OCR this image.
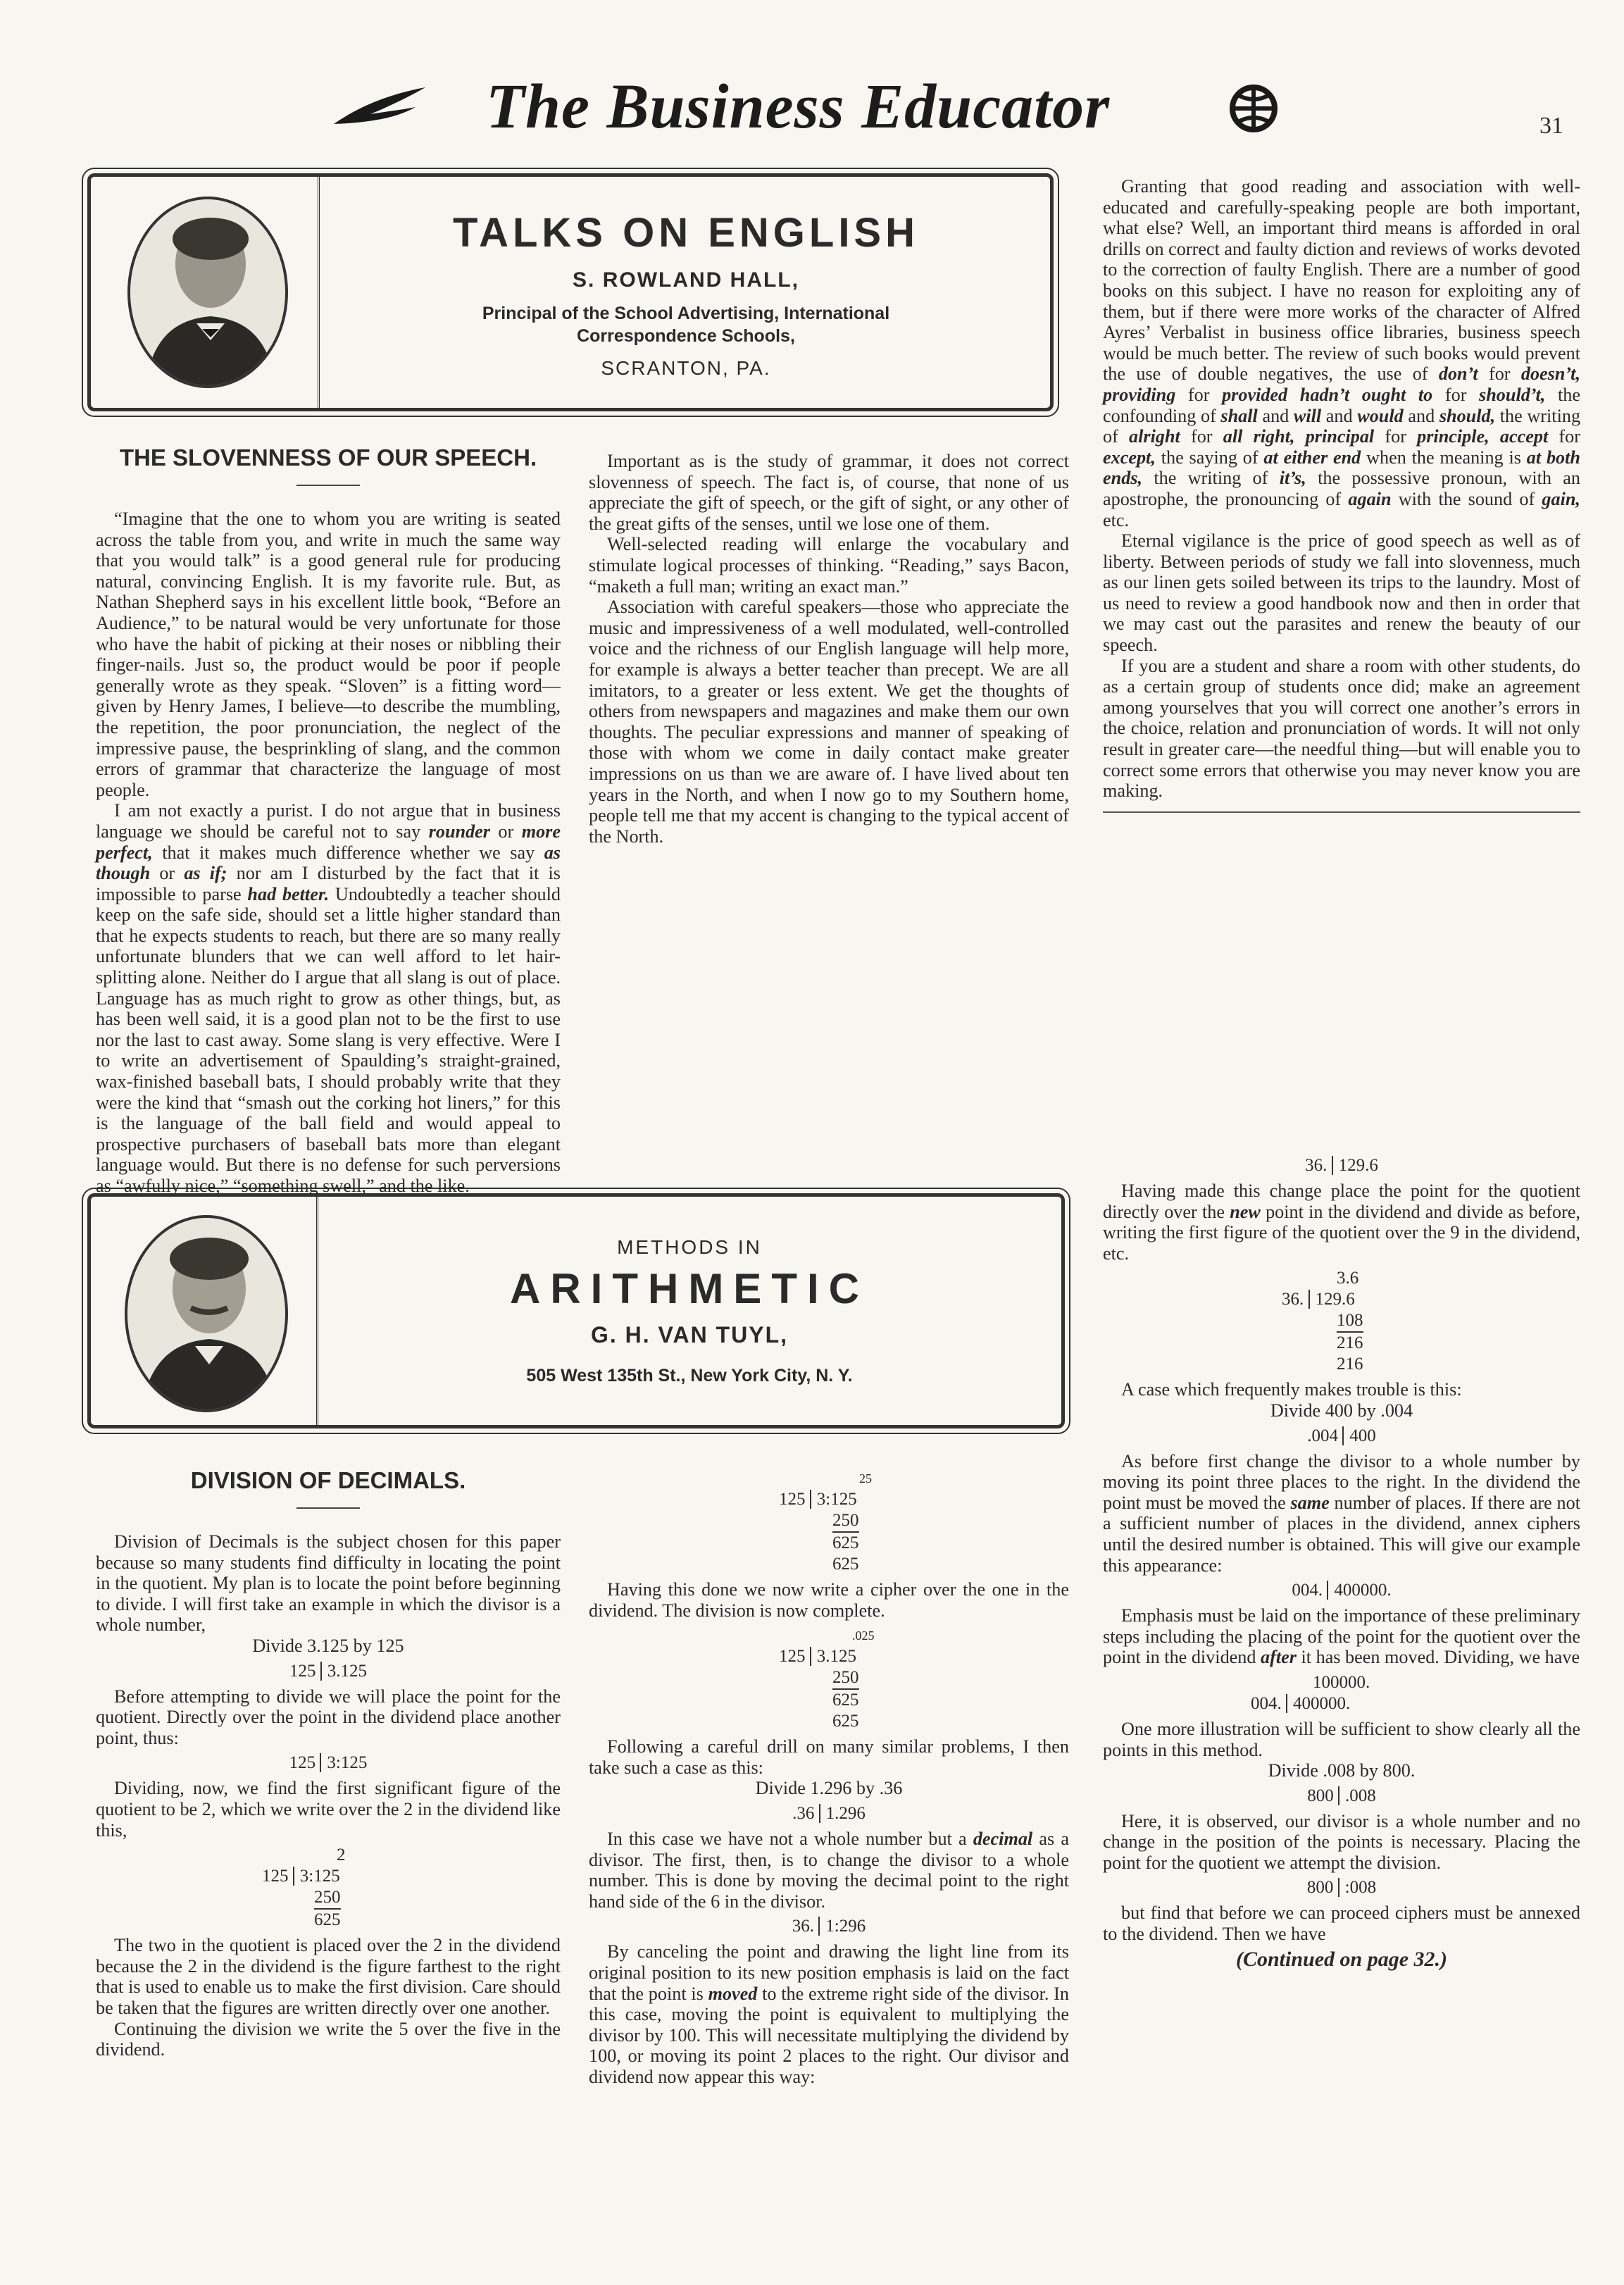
The Business Educator	31
TALKS ON ENGLISH
S. ROWLAND HALL,
Principal of the School Advertising, International
Correspondence Schools,
SCRANTON, PA.
METHODS IN
ARITHMETIC
G. H. VAN TUYL,
505 West 135th St., New York City, N. Y.
THE SLOVENNESS OF OUR SPEECH.

“Imagine that the one to whom you are writing is seated across the table from you, and write in much the same way that you would talk” is a good general rule for producing natural, convincing English. It is my favorite rule. But, as Nathan Shepherd says in his excellent little book, “Before an Audience,” to be natural would be very unfortunate for those who have the habit of picking at their noses or nibbling their finger-nails. Just so, the product would be poor if people generally wrote as they speak. “Sloven” is a fitting word—given by Henry James, I believe—to describe the mumbling, the repetition, the poor pronunciation, the neglect of the impressive pause, the besprinkling of slang, and the common errors of grammar that characterize the language of most people.

I am not exactly a purist. I do not argue that in business language we should be careful not to say rounder or more perfect, that it makes much difference whether we say as though or as if; nor am I disturbed by the fact that it is impossible to parse had better. Undoubtedly a teacher should keep on the safe side, should set a little higher standard than that he expects students to reach, but there are so many really unfortunate blunders that we can well afford to let hair-splitting alone. Neither do I argue that all slang is out of place. Language has as much right to grow as other things, but, as has been well said, it is a good plan not to be the first to use nor the last to cast away. Some slang is very effective. Were I to write an advertisement of Spaulding’s straight-grained, wax-finished baseball bats, I should probably write that they were the kind that “smash out the corking hot liners,” for this is the language of the ball field and would appeal to prospective purchasers of baseball bats more than elegant language would. But there is no defense for such perversions as “awfully nice,” “something swell,” and the like.

Important as is the study of grammar, it does not correct slovenness of speech. The fact is, of course, that none of us appreciate the gift of speech, or the gift of sight, or any other of the great gifts of the senses, until we lose one of them.

Well-selected reading will enlarge the vocabulary and stimulate logical processes of thinking. “Reading,” says Bacon, “maketh a full man; writing an exact man.”

Association with careful speakers—those who appreciate the music and impressiveness of a well modulated, well-controlled voice and the richness of our English language will help more, for example is always a better teacher than precept. We are all imitators, to a greater or less extent. We get the thoughts of others from newspapers and magazines and make them our own thoughts. The peculiar expressions and manner of speaking of those with whom we come in daily contact make greater impressions on us than we are aware of. I have lived about ten years in the North, and when I now go to my Southern home, people tell me that my accent is changing to the typical accent of the North.

Granting that good reading and association with well-educated and carefully-speaking people are both important, what else? Well, an important third means is afforded in oral drills on correct and faulty diction and reviews of works devoted to the correction of faulty English. There are a number of good books on this subject. I have no reason for exploiting any of them, but if there were more works of the character of Alfred Ayres’ Verbalist in business office libraries, business speech would be much better. The review of such books would prevent the use of double negatives, the use of don’t for doesn’t, providing for provided hadn’t ought to for should’t, the confounding of shall and will and would and should, the writing of alright for all right, principal for principle, accept for except, the saying of at either end when the meaning is at both ends, the writing of it’s, the possessive pronoun, with an apostrophe, the pronouncing of again with the sound of gain, etc.

Eternal vigilance is the price of good speech as well as of liberty. Between periods of study we fall into slovenness, much as our linen gets soiled between its trips to the laundry. Most of us need to review a good handbook now and then in order that we may cast out the parasites and renew the beauty of our speech.

If you are a student and share a room with other students, do as a certain group of students once did; make an agreement among yourselves that you will correct one another’s errors in the choice, relation and pronunciation of words. It will not only result in greater care—the needful thing—but will enable you to correct some errors that otherwise you may never know you are making.

DIVISION OF DECIMALS.

Division of Decimals is the subject chosen for this paper because so many students find difficulty in locating the point in the quotient. My plan is to locate the point before beginning to divide. I will first take an example in which the divisor is a whole number,

Divide 3.125 by 125

125 3.125

Before attempting to divide we will place the point for the quotient. Directly over the point in the dividend place another point, thus:

125 3:125

Dividing, now, we find the first significant figure of the quotient to be 2, which we write over the 2 in the dividend like this,

2
125 3:125
250
625

The two in the quotient is placed over the 2 in the dividend because the 2 in the dividend is the figure farthest to the right that is used to enable us to make the first division. Care should be taken that the figures are written directly over one another.

Continuing the division we write the 5 over the five in the dividend.

25
125 3:125
250
625
625

Having this done we now write a cipher over the one in the dividend. The division is now complete.

.025
125 3.125
250
625
625

Following a careful drill on many similar problems, I then take such a case as this:

Divide 1.296 by .36

.36 1.296

In this case we have not a whole number but a decimal as a divisor. The first, then, is to change the divisor to a whole number. This is done by moving the decimal point to the right hand side of the 6 in the divisor.

36. 1:296

By canceling the point and drawing the light line from its original position to its new position emphasis is laid on the fact that the point is moved to the extreme right side of the divisor. In this case, moving the point is equivalent to multiplying the divisor by 100. This will necessitate multiplying the dividend by 100, or moving its point 2 places to the right. Our divisor and dividend now appear this way:

36. 129.6

Having made this change place the point for the quotient directly over the new point in the dividend and divide as before, writing the first figure of the quotient over the 9 in the dividend, etc.

3.6
36. 129.6
108
216
216

A case which frequently makes trouble is this:

Divide 400 by .004

.004 400

As before first change the divisor to a whole number by moving its point three places to the right. In the dividend the point must be moved the same number of places. If there are not a sufficient number of places in the dividend, annex ciphers until the desired number is obtained. This will give our example this appearance:

004. 400000.

Emphasis must be laid on the importance of these preliminary steps including the placing of the point for the quotient over the point in the dividend after it has been moved. Dividing, we have

100000.
004. 400000.

One more illustration will be sufficient to show clearly all the points in this method.

Divide .008 by 800.

800 .008

Here, it is observed, our divisor is a whole number and no change in the position of the points is necessary. Placing the point for the quotient we attempt the division.

800 :008

but find that before we can proceed ciphers must be annexed to the dividend. Then we have

(Continued on page 32.)
